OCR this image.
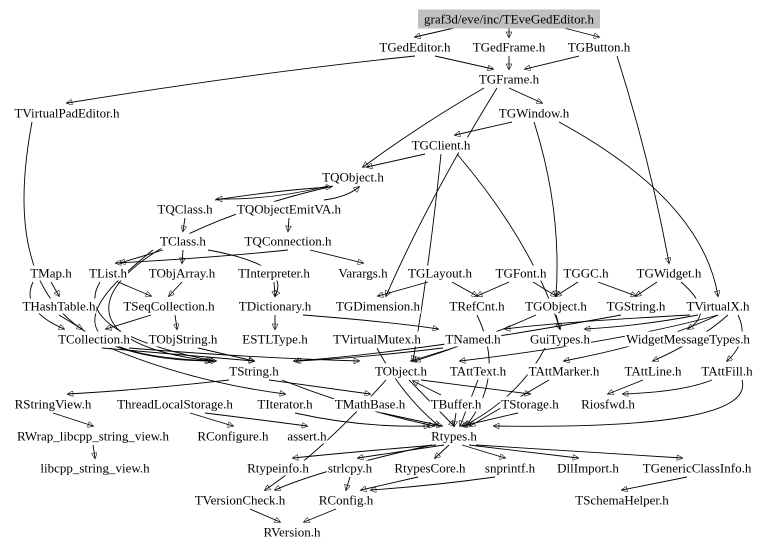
graf3d/eve/inc/TEveGedEditor.h
TGedEditor.h TGedFrame.h TGButton.h
TGFrame.h
TVirtualPadEditor.h	TGWindow.h
TGClient.h
TQObject.h
TQClass.h TQObjectEmitVA.h
TClass.h	TQConnection.h
TMap.h TList.h TObjArray.h TInterpreter.h Varargs.h TGLayout.h TGFont.h TGGC.h TGWidget.h
THashTable.h TSeqCollection.h TDictionary.h TGDimension.h TRefCnt.h TGObject.h TGString.h TVirtualX.h
TCollection.h TObjString.h ESTLType.h TVirtualMutex.h TNamed.h GuiTypes.h	WidgetMessageTypes.h
TString.h	TObject.h TAttText.h TAttMarker.h TAttLine.h TAttFill.h
RStringView.h ThreadLocalStorage.h TIterator.h TMathBase.h TBuffer.h TStorage.h Riosfwd.h
RWrap_libcpp_string_view.h RConfigure.h assert.h	Rtypes.h
libcpp_string_view.h	Rtypeinfo.h strlcpy.h RtypesCore.h snprintf.h DllImport.h TGenericClassInfo.h
TVersionCheck.h	RConfig.h	TSchemaHelper.h
RVersion.h
